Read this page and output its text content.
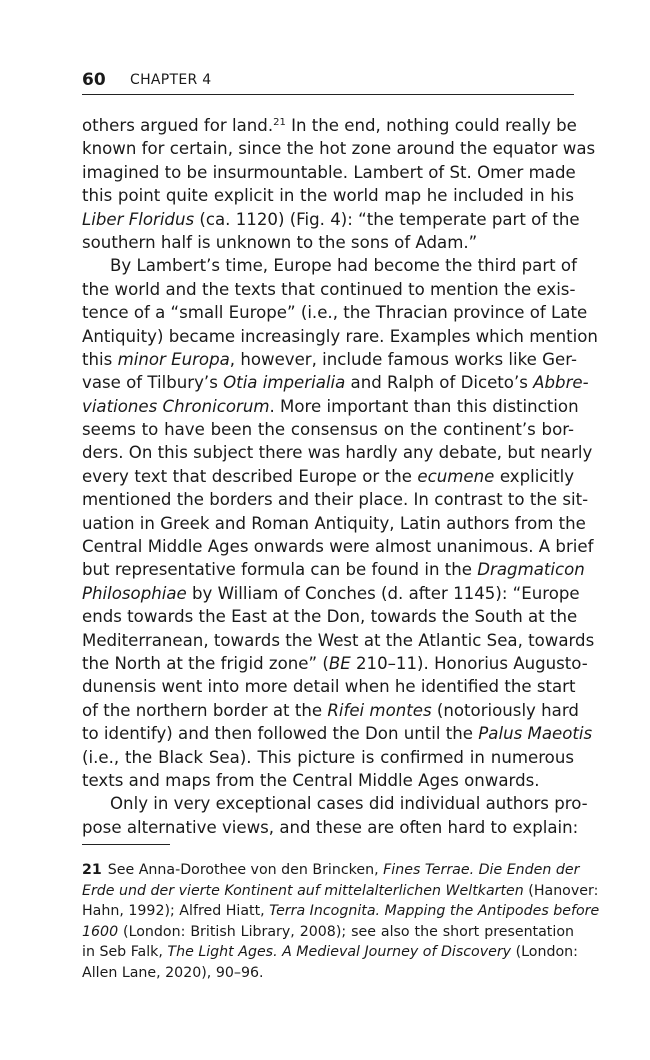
60 CHAPTER 4
others argued for land.$^{21}$ In the end, nothing could really be
known for certain, since the hot zone around the equator was
imagined to be insurmountable. Lambert of St. Omer made
this point quite explicit in the world map he included in his
Liber Floridus (ca. 1120) (Fig. 4): “the temperate part of the
southern half is unknown to the sons of Adam.”
By Lambert’s time, Europe had become the third part of
the world and the texts that continued to mention the exis-
tence of a “small Europe” (i.e., the Thracian province of Late
Antiquity) became increasingly rare. Examples which mention
this minor Europa, however, include famous works like Ger-
vase of Tilbury’s Otia imperialia and Ralph of Diceto’s Abbre-
viationes Chronicorum. More important than this distinction
seems to have been the consensus on the continent’s bor-
ders. On this subject there was hardly any debate, but nearly
every text that described Europe or the ecumene explicitly
mentioned the borders and their place. In contrast to the sit-
uation in Greek and Roman Antiquity, Latin authors from the
Central Middle Ages onwards were almost unanimous. A brief
but representative formula can be found in the Dragmaticon
Philosophiae by William of Conches (d. after 1145): “Europe
ends towards the East at the Don, towards the South at the
Mediterranean, towards the West at the Atlantic Sea, towards
the North at the frigid zone” (BE 210–11). Honorius Augusto-
dunensis went into more detail when he identified the start
of the northern border at the Rifei montes (notoriously hard
to identify) and then followed the Don until the Palus Maeotis
(i.e., the Black Sea). This picture is confirmed in numerous
texts and maps from the Central Middle Ages onwards.
Only in very exceptional cases did individual authors pro-
pose alternative views, and these are often hard to explain:
21 See Anna-Dorothee von den Brincken, Fines Terrae. Die Enden der
Erde und der vierte Kontinent auf mittelalterlichen Weltkarten (Hanover:
Hahn, 1992); Alfred Hiatt, Terra Incognita. Mapping the Antipodes before
1600 (London: British Library, 2008); see also the short presentation
in Seb Falk, The Light Ages. A Medieval Journey of Discovery (London:
Allen Lane, 2020), 90–96.
